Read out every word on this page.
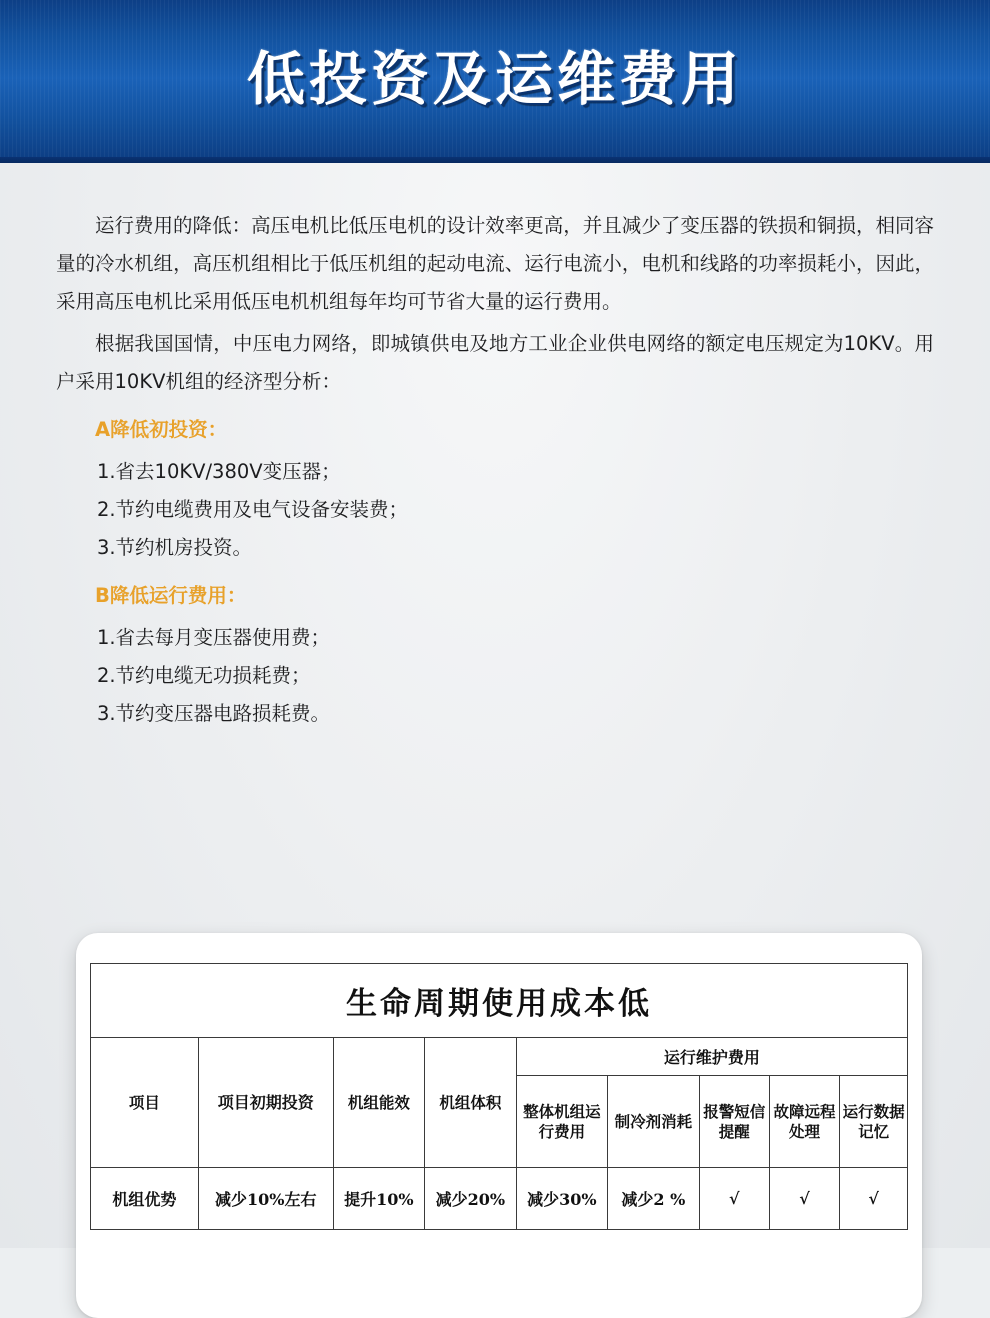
低投资及运维费用

运行费用的降低：高压电机比低压电机的设计效率更高，并且减少了变压器的铁损和铜损，相同容量的冷水机组，高压机组相比于低压机组的起动电流、运行电流小，电机和线路的功率损耗小，因此，采用高压电机比采用低压电机机组每年均可节省大量的运行费用。

根据我国国情，中压电力网络，即城镇供电及地方工业企业供电网络的额定电压规定为10KV。用户采用10KV机组的经济型分析：

A降低初投资：
1.省去10KV/380V变压器；
2.节约电缆费用及电气设备安装费；
3.节约机房投资。
B降低运行费用：
1.省去每月变压器使用费；
2.节约电缆无功损耗费；
3.节约变压器电路损耗费。
生命周期使用成本低								
项目	项目初期投资	机组能效	机组体积	运行维护费用				
				整体机组运行费用	制冷剂消耗	报警短信提醒	故障远程处理	运行数据记忆
机组优势	减少10%左右	提升10%	减少20%	减少30%	减少2 %	√	√	√
